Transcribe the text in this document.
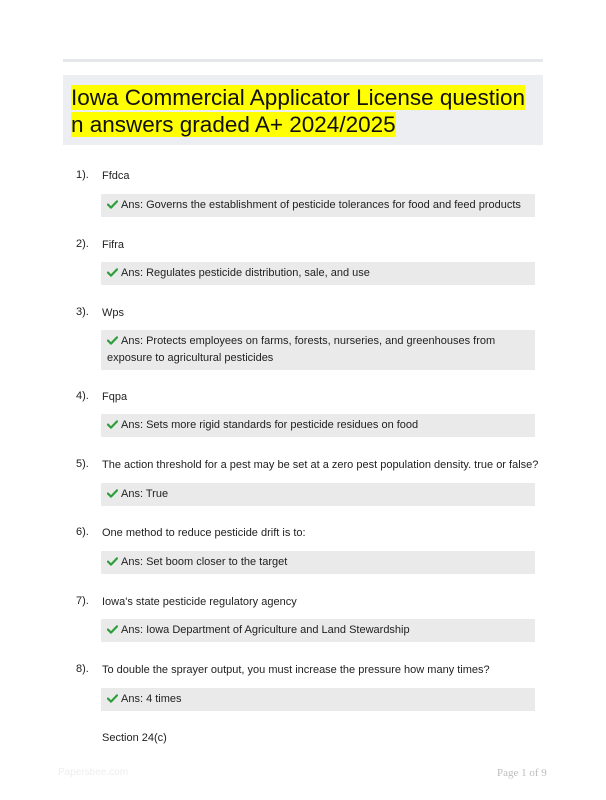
Iowa Commercial Applicator License question n answers graded A+ 2024/2025
1). Ffdca
Ans: Governs the establishment of pesticide tolerances for food and feed products
2). Fifra
Ans: Regulates pesticide distribution, sale, and use
3). Wps
Ans: Protects employees on farms, forests, nurseries, and greenhouses from exposure to agricultural pesticides
4). Fqpa
Ans: Sets more rigid standards for pesticide residues on food
5). The action threshold for a pest may be set at a zero pest population density. true or false?
Ans: True
6). One method to reduce pesticide drift is to:
Ans: Set boom closer to the target
7). Iowa's state pesticide regulatory agency
Ans: Iowa Department of Agriculture and Land Stewardship
8). To double the sprayer output, you must increase the pressure how many times?
Ans: 4 times
Section 24(c)
Papersbee.com	Page 1 of 9
